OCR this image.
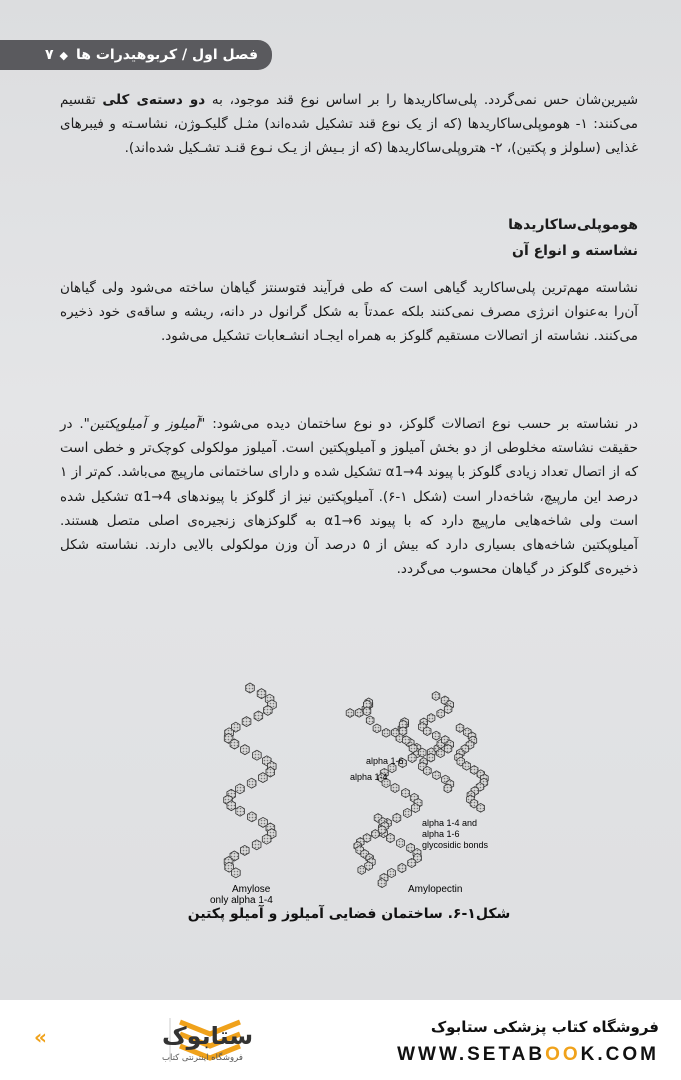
فصل اول / کربوهیدرات ها
◆
۷
شیرین‌شان حس نمی‌گردد. پلی‌ساکاریدها را بر اساس نوع قند موجود، به دو دسته‌ی کلی تقسیم می‌کنند: ۱- هوموپلی‌ساکاریدها (که از یک نوع قند تشکیل شده‌اند) مثـل گلیکـوژن، نشاسـته و فیبرهای غذایی (سلولز و پکتین)، ۲- هتروپلی‌ساکاریدها (که از بـیش از یـک نـوع قنـد تشـکیل شده‌اند).
هوموپلی‌ساکاریدها
نشاسته و انواع آن
نشاسته مهم‌ترین پلی‌ساکارید گیاهی است که طی فرآیند فتوسنتز گیاهان ساخته می‌شود ولی گیاهان آن‌را به‌عنوان انرژی مصرف نمی‌کنند بلکه عمدتاً به شکل گرانول در دانه، ریشه و ساقه‌ی خود ذخیره می‌کنند. نشاسته از اتصالات مستقیم گلوکز به همراه ایجـاد انشـعابات تشکیل می‌شود.
در نشاسته بر حسب نوع اتصالات گلوکز، دو نوع ساختمان دیده می‌شود: "آمیلوز و آمیلوپکتین". در حقیقت نشاسته مخلوطی از دو بخش آمیلوز و آمیلوپکتین است. آمیلوز مولکولی کوچک‌تر و خطی است که از اتصال تعداد زیادی گلوکز با پیوند α1→4 تشکیل شده و دارای ساختمانی مارپیچ می‌باشد. کم‌تر از ۱ درصد این مارپیچ، شاخه‌دار است (شکل ۱-۶). آمیلوپکتین نیز از گلوکز با پیوندهای α1→4 تشکیل شده است ولی شاخه‌هایی مارپیچ دارد که با پیوند α1→6 به گلوکزهای زنجیره‌ی اصلی متصل هستند. آمیلوپکتین شاخه‌های بسیاری دارد که بیش از ۵ درصد آن وزن مولکولی بالایی دارند. نشاسته شکل ذخیره‌ی گلوکز در گیاهان محسوب می‌گردد.
alpha 1-6
alpha 1-4
alpha 1-4 and
alpha 1-6
glycosidic bonds
Amylose
only alpha 1-4
Amylopectin
شکل۱-۶. ساختمان فضایی آمیلوز و آمیلو پکتین
ستابوک
فروشگاه اینترنتی کتاب
«	فروشگاه کتاب پزشکی ستابوک
WWW.SETABOOK.COM
